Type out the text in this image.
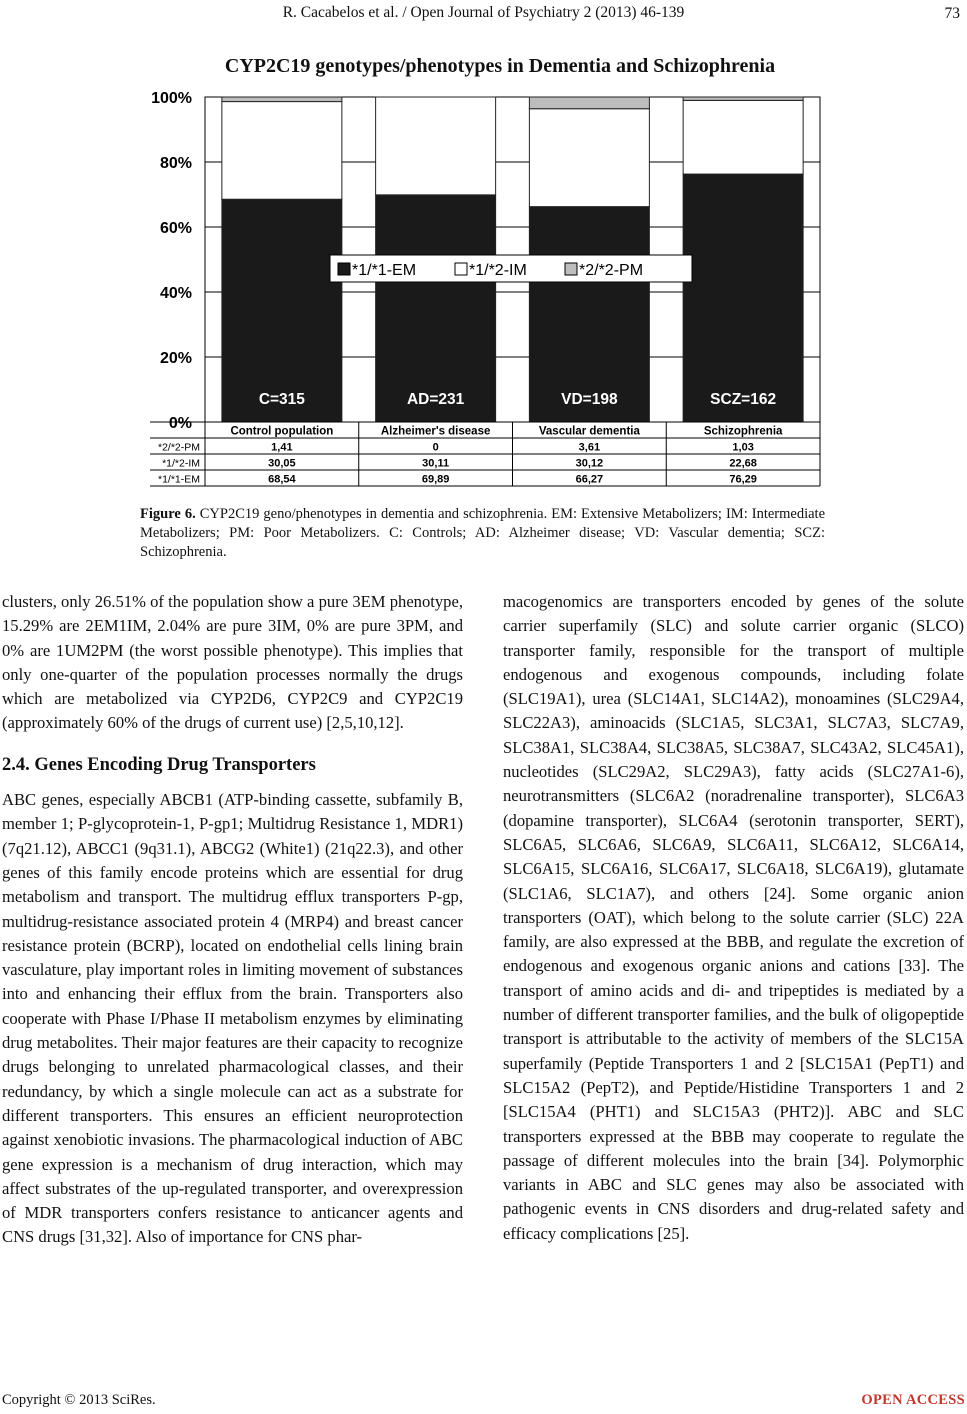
R. Cacabelos et al. / Open Journal of Psychiatry 2 (2013) 46-139	73
CYP2C19 genotypes/phenotypes in Dementia and Schizophrenia
0%
20%
40%
60%
80%
100%
C=315	AD=231	VD=198	SCZ=162
*1/*1-EM	*1/*2-IM	*2/*2-PM
Control population	Alzheimer's disease	Vascular dementia	Schizophrenia
*2/*2-PM	1,41	0	3,61	1,03
*1/*2-IM	30,05	30,11	30,12	22,68
*1/*1-EM	68,54	69,89	66,27	76,29
Figure 6. CYP2C19 geno/phenotypes in dementia and schizophrenia. EM: Extensive Metabolizers; IM: Intermediate Metabolizers; PM: Poor Metabolizers. C: Controls; AD: Alzheimer disease; VD: Vascular dementia; SCZ: Schizophrenia.

clusters, only 26.51% of the population show a pure 3EM phenotype, 15.29% are 2EM1IM, 2.04% are pure 3IM, 0% are pure 3PM, and 0% are 1UM2PM (the worst possible phenotype). This implies that only one-quarter of the population processes normally the drugs which are metabolized via CYP2D6, CYP2C9 and CYP2C19 (approximately 60% of the drugs of current use) [2,5,10,12].

2.4. Genes Encoding Drug Transporters

ABC genes, especially ABCB1 (ATP-binding cassette, subfamily B, member 1; P-glycoprotein-1, P-gp1; Multidrug Resistance 1, MDR1) (7q21.12), ABCC1 (9q31.1), ABCG2 (White1) (21q22.3), and other genes of this family encode proteins which are essential for drug metabolism and transport. The multidrug efflux transporters P-gp, multidrug-resistance associated protein 4 (MRP4) and breast cancer resistance protein (BCRP), located on endothelial cells lining brain vasculature, play important roles in limiting movement of substances into and enhancing their efflux from the brain. Transporters also cooperate with Phase I/Phase II metabolism enzymes by eliminating drug metabolites. Their major features are their capacity to recognize drugs belonging to unrelated pharmacological classes, and their redundancy, by which a single molecule can act as a substrate for different transporters. This ensures an efficient neuroprotection against xenobiotic invasions. The pharmacological induction of ABC gene expression is a mechanism of drug interaction, which may affect substrates of the up-regulated transporter, and overexpression of MDR transporters confers resistance to anticancer agents and CNS drugs [31,32]. Also of importance for CNS phar-

macogenomics are transporters encoded by genes of the solute carrier superfamily (SLC) and solute carrier organic (SLCO) transporter family, responsible for the transport of multiple endogenous and exogenous compounds, including folate (SLC19A1), urea (SLC14A1, SLC14A2), monoamines (SLC29A4, SLC22A3), aminoacids (SLC1A5, SLC3A1, SLC7A3, SLC7A9, SLC38A1, SLC38A4, SLC38A5, SLC38A7, SLC43A2, SLC45A1), nucleotides (SLC29A2, SLC29A3), fatty acids (SLC27A1-6), neurotransmitters (SLC6A2 (noradrenaline transporter), SLC6A3 (dopamine transporter), SLC6A4 (serotonin transporter, SERT), SLC6A5, SLC6A6, SLC6A9, SLC6A11, SLC6A12, SLC6A14, SLC6A15, SLC6A16, SLC6A17, SLC6A18, SLC6A19), glutamate (SLC1A6, SLC1A7), and others [24]. Some organic anion transporters (OAT), which belong to the solute carrier (SLC) 22A family, are also expressed at the BBB, and regulate the excretion of endogenous and exogenous organic anions and cations [33]. The transport of amino acids and di- and tripeptides is mediated by a number of different transporter families, and the bulk of oligopeptide transport is attributable to the activity of members of the SLC15A superfamily (Peptide Transporters 1 and 2 [SLC15A1 (PepT1) and SLC15A2 (PepT2), and Peptide/Histidine Transporters 1 and 2 [SLC15A4 (PHT1) and SLC15A3 (PHT2)]. ABC and SLC transporters expressed at the BBB may cooperate to regulate the passage of different molecules into the brain [34]. Polymorphic variants in ABC and SLC genes may also be associated with pathogenic events in CNS disorders and drug-related safety and efficacy complications [25].

Copyright © 2013 SciRes.	OPEN ACCESS
